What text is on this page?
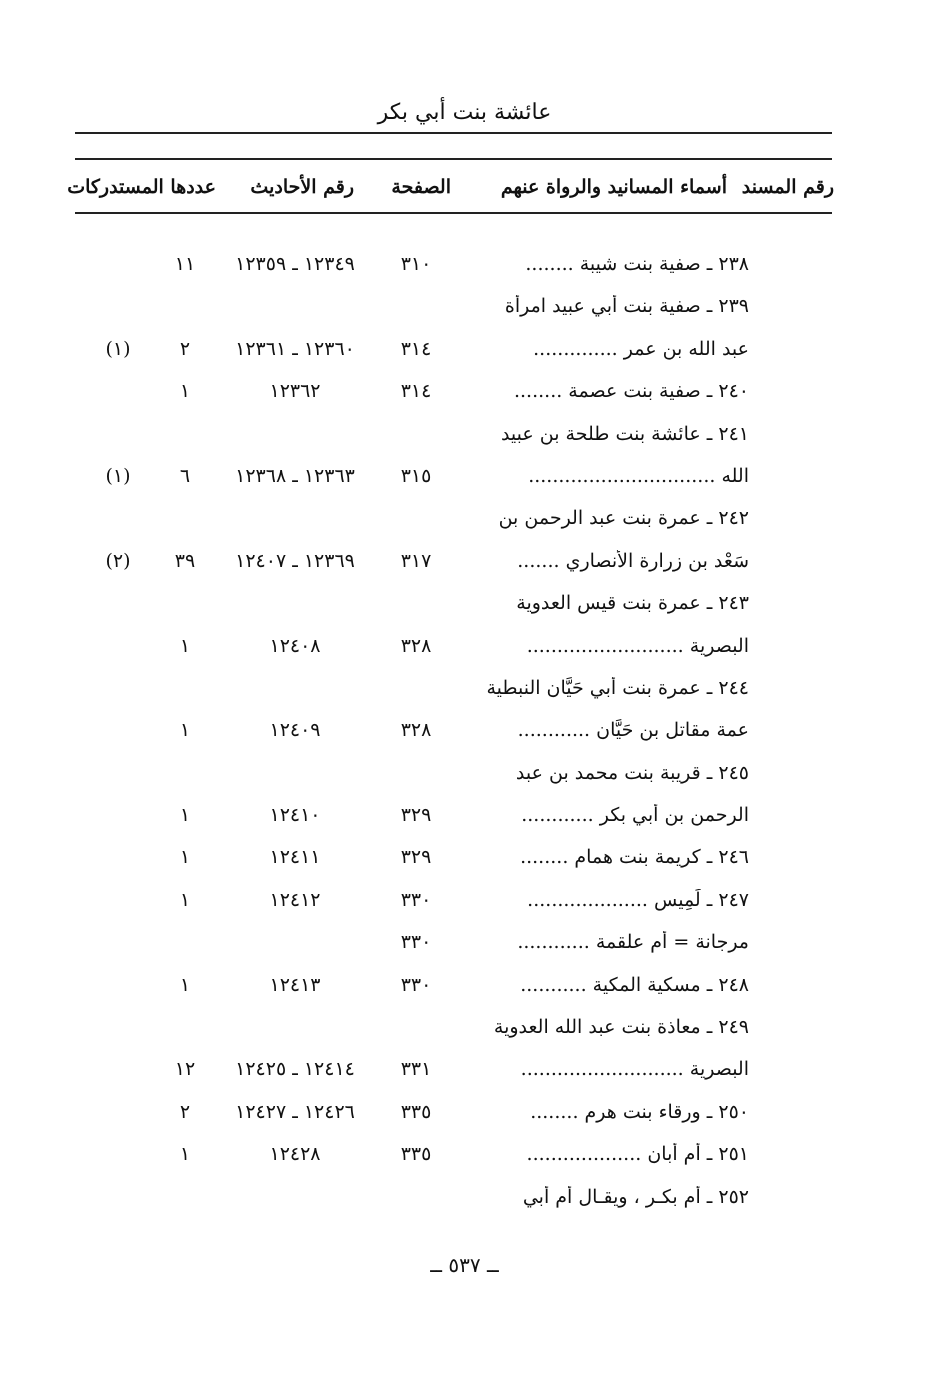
عائشة بنت أبي بكر
رقم المسند
أسماء المسانيد والرواة عنهم
الصفحة
رقم الأحاديث
عددها المستدركات
٢٣٨ ـ صفية بنت شيبة ........
٣١٠
١٢٣٤٩ ـ ١٢٣٥٩
١١
٢٣٩ ـ صفية بنت أبي عبيد امرأة
عبد الله بن عمر ..............
٣١٤
١٢٣٦٠ ـ ١٢٣٦١
٢
(١)
٢٤٠ ـ صفية بنت عصمة ........
٣١٤
١٢٣٦٢
١
٢٤١ ـ عائشة بنت طلحة بن عبيد
الله ...............................
٣١٥
١٢٣٦٣ ـ ١٢٣٦٨
٦
(١)
٢٤٢ ـ عمرة بنت عبد الرحمن بن
سَعْد بن زرارة الأنصاري .......
٣١٧
١٢٣٦٩ ـ ١٢٤٠٧
٣٩
(٢)
٢٤٣ ـ عمرة بنت قيس العدوية
البصرية ..........................
٣٢٨
١٢٤٠٨
١
٢٤٤ ـ عمرة بنت أبي حَيَّان النبطية
عمة مقاتل بن حَيَّان ............
٣٢٨
١٢٤٠٩
١
٢٤٥ ـ قريبة بنت محمد بن عبد
الرحمن بن أبي بكر ............
٣٢٩
١٢٤١٠
١
٢٤٦ ـ كريمة بنت همام ........
٣٢٩
١٢٤١١
١
٢٤٧ ـ لَمِيس ....................
٣٣٠
١٢٤١٢
١
مرجانة = أم علقمة ............
٣٣٠
٢٤٨ ـ مسكية المكية ...........
٣٣٠
١٢٤١٣
١
٢٤٩ ـ معاذة بنت عبد الله العدوية
البصرية ...........................
٣٣١
١٢٤١٤ ـ ١٢٤٢٥
١٢
٢٥٠ ـ ورقاء بنت هرم ........
٣٣٥
١٢٤٢٦ ـ ١٢٤٢٧
٢
٢٥١ ـ أم أبان ...................
٣٣٥
١٢٤٢٨
١
٢٥٢ ـ أم بكـر ، ويقـال أم أبي
ــ ٥٣٧ ــ
